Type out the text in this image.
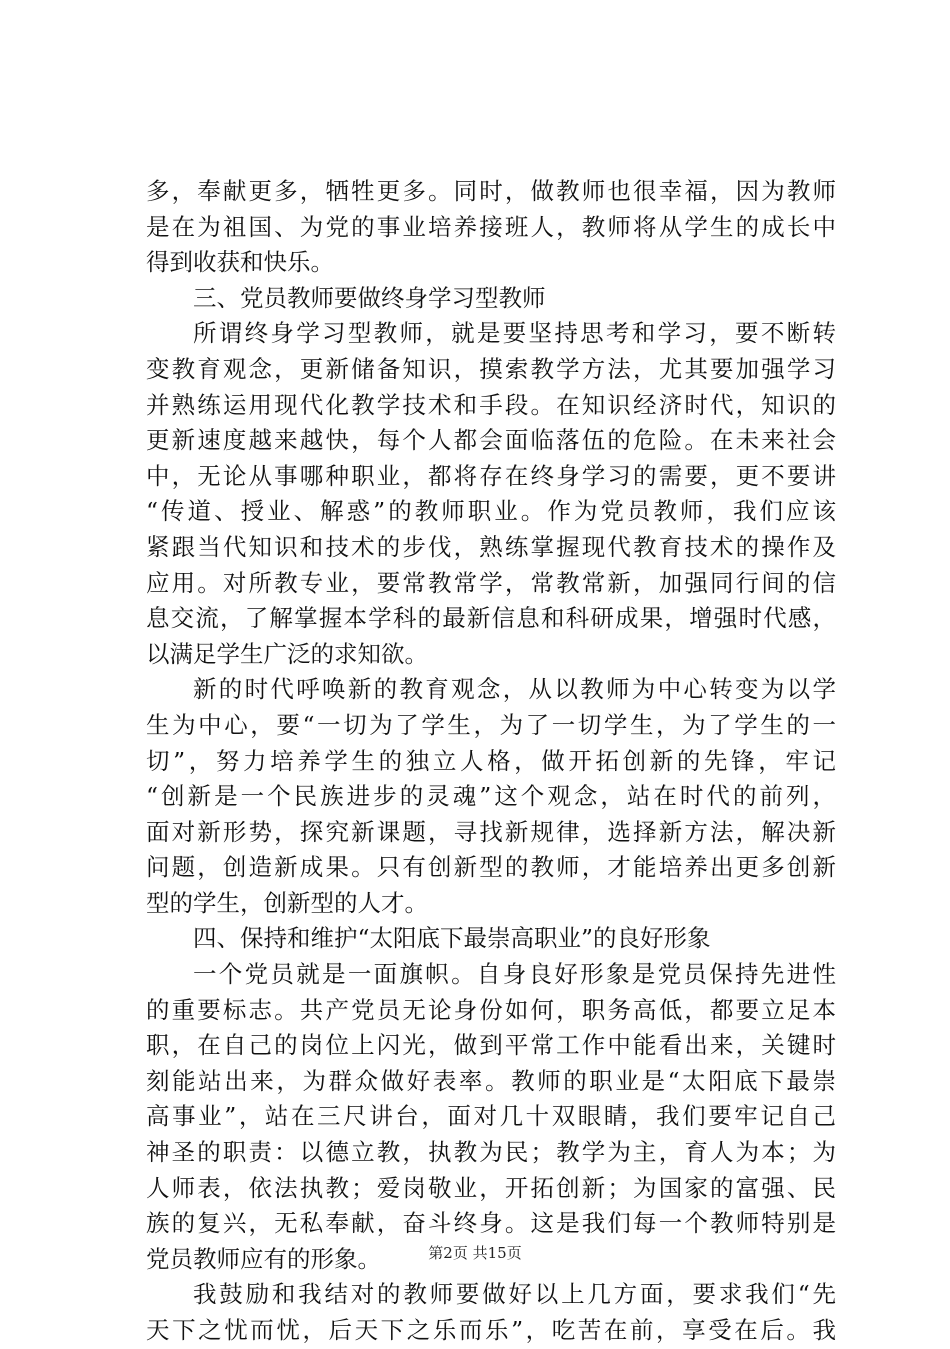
多，奉献更多，牺牲更多。同时，做教师也很幸福，因为教师
是在为祖国、为党的事业培养接班人，教师将从学生的成长中
得到收获和快乐。
三、党员教师要做终身学习型教师
所谓终身学习型教师，就是要坚持思考和学习，要不断转
变教育观念，更新储备知识，摸索教学方法，尤其要加强学习
并熟练运用现代化教学技术和手段。在知识经济时代，知识的
更新速度越来越快，每个人都会面临落伍的危险。在未来社会
中，无论从事哪种职业，都将存在终身学习的需要，更不要讲
“传道、授业、解惑”的教师职业。作为党员教师，我们应该
紧跟当代知识和技术的步伐，熟练掌握现代教育技术的操作及
应用。对所教专业，要常教常学，常教常新，加强同行间的信
息交流，了解掌握本学科的最新信息和科研成果，增强时代感，
以满足学生广泛的求知欲。
新的时代呼唤新的教育观念，从以教师为中心转变为以学
生为中心，要“一切为了学生，为了一切学生，为了学生的一
切”，努力培养学生的独立人格，做开拓创新的先锋，牢记
“创新是一个民族进步的灵魂”这个观念，站在时代的前列，
面对新形势，探究新课题，寻找新规律，选择新方法，解决新
问题，创造新成果。只有创新型的教师，才能培养出更多创新
型的学生，创新型的人才。
四、保持和维护“太阳底下最崇高职业”的良好形象
一个党员就是一面旗帜。自身良好形象是党员保持先进性
的重要标志。共产党员无论身份如何，职务高低，都要立足本
职，在自己的岗位上闪光，做到平常工作中能看出来，关键时
刻能站出来，为群众做好表率。教师的职业是“太阳底下最崇
高事业”，站在三尺讲台，面对几十双眼睛，我们要牢记自己
神圣的职责：以德立教，执教为民；教学为主，育人为本；为
人师表，依法执教；爱岗敬业，开拓创新；为国家的富强、民
族的复兴，无私奉献，奋斗终身。这是我们每一个教师特别是
党员教师应有的形象。
我鼓励和我结对的教师要做好以上几方面，要求我们“先
天下之忧而忧，后天下之乐而乐”，吃苦在前，享受在后。我
第2页 共15页
